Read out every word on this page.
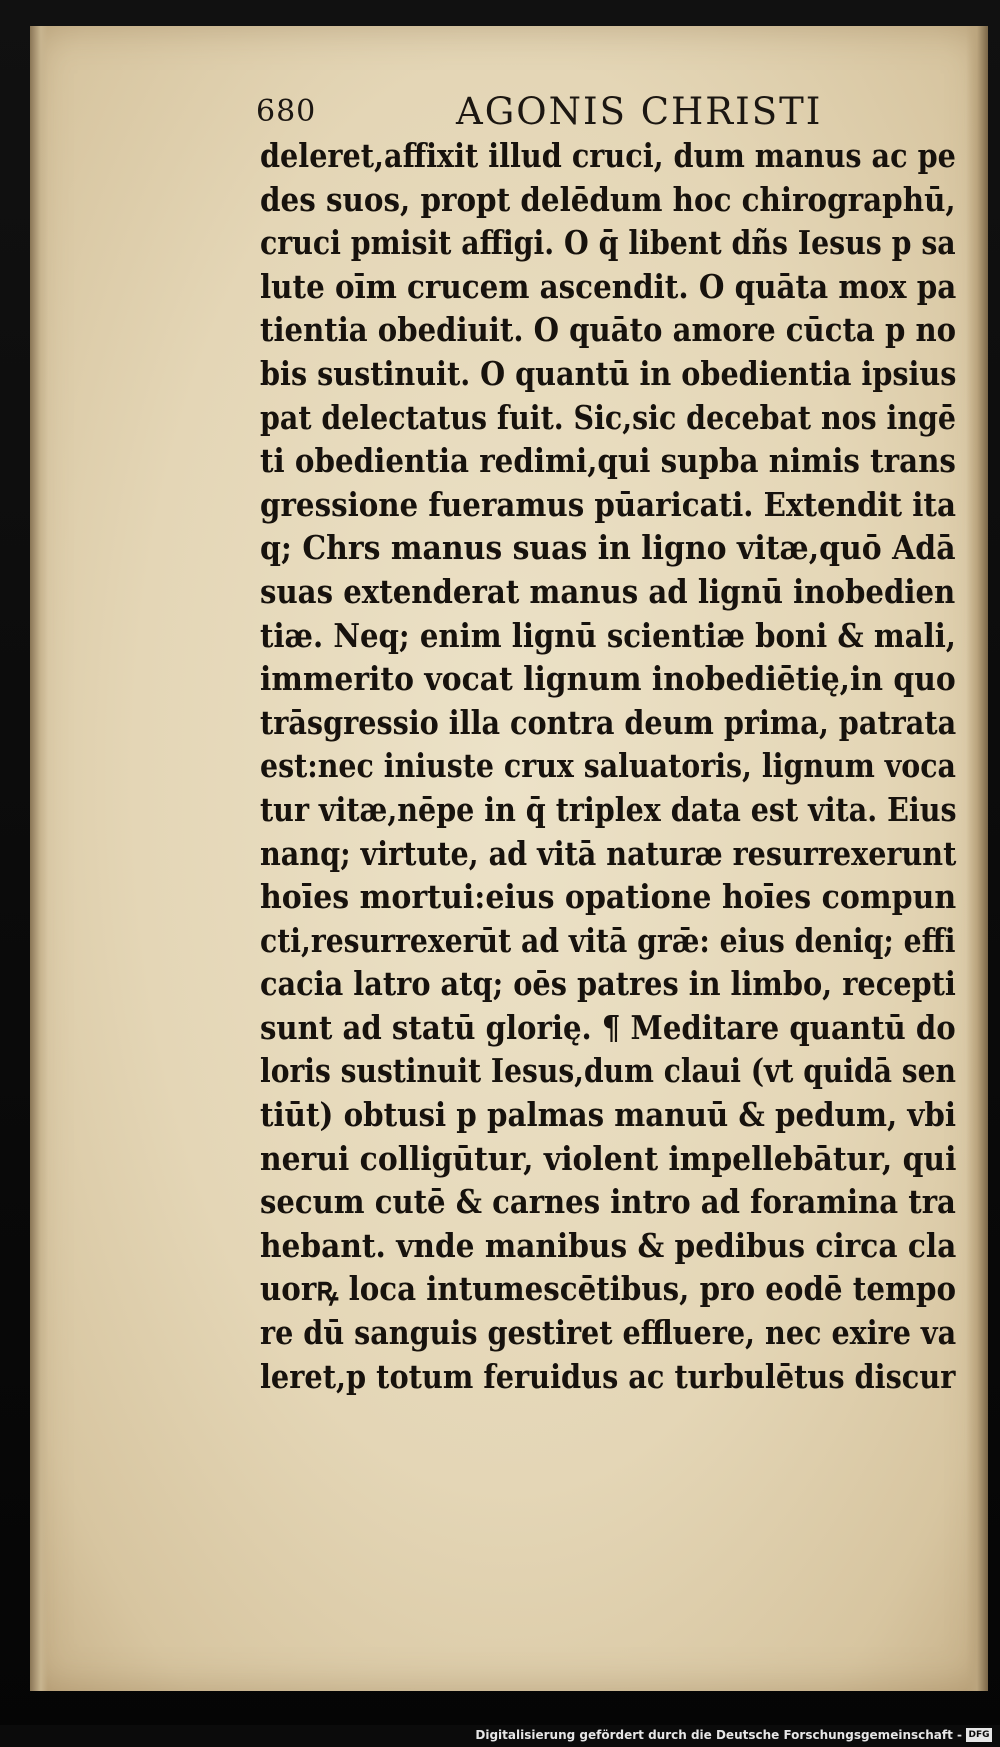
680	AGONIS CHRISTI
deleret,affixit illud cruci, dum manus ac pe
des suos, propt delēdum hoc chirographū,
cruci pmisit affigi. O q̄ libent dñs Iesus p sa
lute oīm crucem ascendit. O quāta mox pa
tientia obediuit. O quāto amore cūcta p no
bis sustinuit. O quantū in obedientia ipsius
pat delectatus fuit. Sic,sic decebat nos ingē
ti obedientia redimi,qui supba nimis trans
gressione fueramus pūaricati. Extendit ita
q; Chrs manus suas in ligno vitæ,quō Adā
suas extenderat manus ad lignū inobedien
tiæ. Neq; enim lignū scientiæ boni & mali,
immerito vocat lignum inobediētię,in quo
trāsgressio illa contra deum prima, patrata
est:nec iniuste crux saluatoris, lignum voca
tur vitæ,nēpe in q̄ triplex data est vita. Eius
nanq; virtute, ad vitā naturæ resurrexerunt
hoīes mortui:eius opatione hoīes compun
cti,resurrexerūt ad vitā grǣ: eius deniq; effi
cacia latro atq; oēs patres in limbo, recepti
sunt ad statū glorię. ¶ Meditare quantū do
loris sustinuit Iesus,dum claui (vt quidā sen
tiūt) obtusi p palmas manuū & pedum, vbi
nerui colligūtur, violent impellebātur, qui
secum cutē & carnes intro ad foramina tra
hebant. vnde manibus & pedibus circa cla
uorꝶ loca intumescētibus, pro eodē tempo
re dū sanguis gestiret effluere, nec exire va
leret,p totum feruidus ac turbulētus discur
Digitalisierung gefördert durch die Deutsche Forschungsgemeinschaft - DFG
